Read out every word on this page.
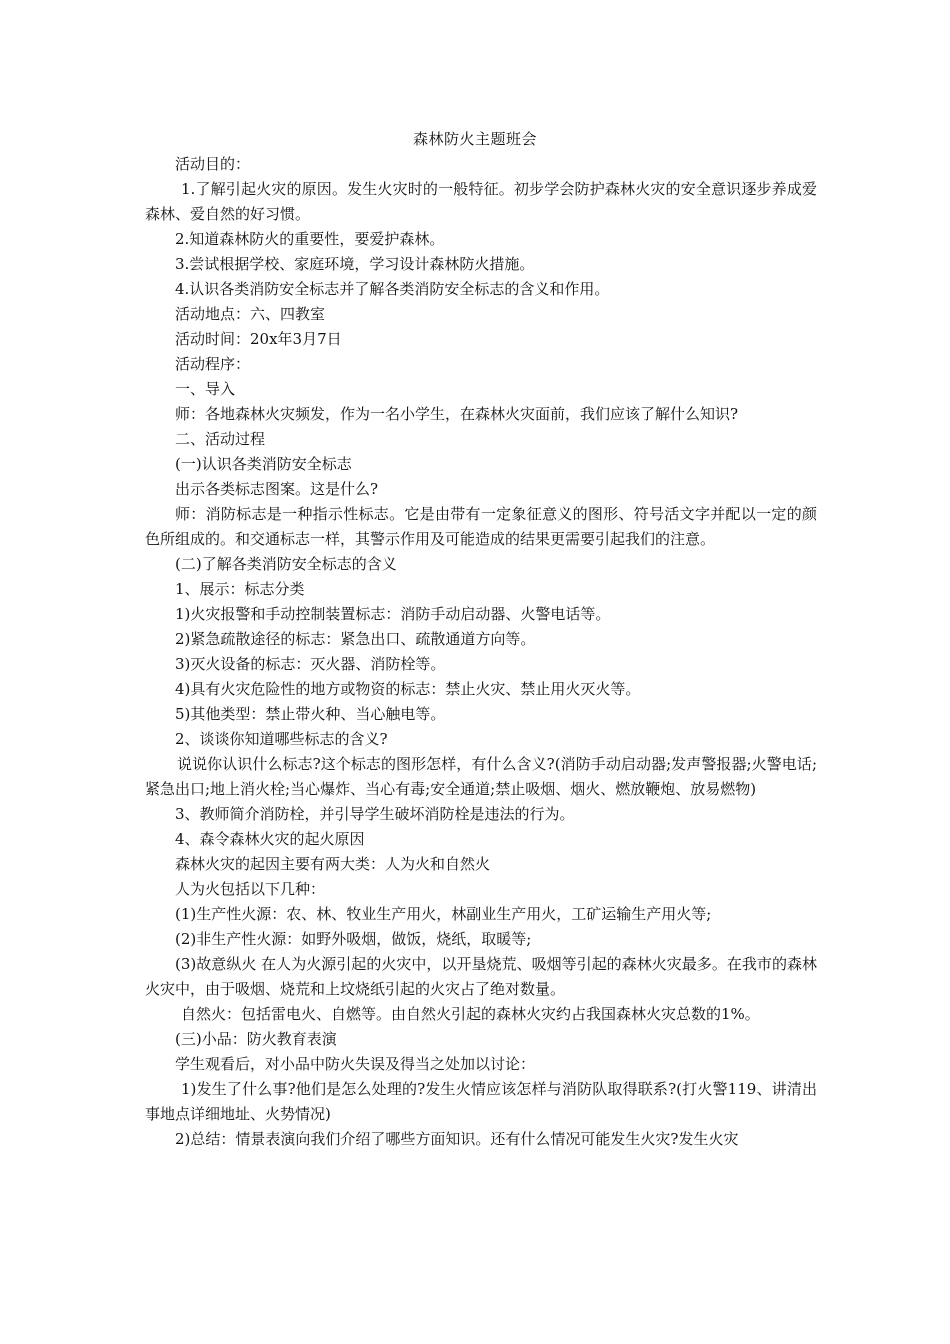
森林防火主题班会

活动目的：

1.了解引起火灾的原因。发生火灾时的一般特征。初步学会防护森林火灾的安全意识逐步养成爱森林、爱自然的好习惯。

2.知道森林防火的重要性，要爱护森林。

3.尝试根据学校、家庭环境，学习设计森林防火措施。

4.认识各类消防安全标志并了解各类消防安全标志的含义和作用。

活动地点：六、四教室

活动时间：20x年3月7日

活动程序：

一、导入

师：各地森林火灾频发，作为一名小学生，在森林火灾面前，我们应该了解什么知识?

二、活动过程

(一)认识各类消防安全标志

出示各类标志图案。这是什么?

师：消防标志是一种指示性标志。它是由带有一定象征意义的图形、符号活文字并配以一定的颜色所组成的。和交通标志一样，其警示作用及可能造成的结果更需要引起我们的注意。

(二)了解各类消防安全标志的含义

1、展示：标志分类

1)火灾报警和手动控制装置标志：消防手动启动器、火警电话等。

2)紧急疏散途径的标志：紧急出口、疏散通道方向等。

3)灭火设备的标志：灭火器、消防栓等。

4)具有火灾危险性的地方或物资的标志：禁止火灾、禁止用火灭火等。

5)其他类型：禁止带火种、当心触电等。

2、谈谈你知道哪些标志的含义?

说说你认识什么标志?这个标志的图形怎样，有什么含义?(消防手动启动器;发声警报器;火警电话;紧急出口;地上消火栓;当心爆炸、当心有毒;安全通道;禁止吸烟、烟火、燃放鞭炮、放易燃物)

3、教师简介消防栓，并引导学生破坏消防栓是违法的行为。

4、森令森林火灾的起火原因

森林火灾的起因主要有两大类：人为火和自然火

人为火包括以下几种：

(1)生产性火源：农、林、牧业生产用火，林副业生产用火，工矿运输生产用火等;

(2)非生产性火源：如野外吸烟，做饭，烧纸，取暖等;

(3)故意纵火 在人为火源引起的火灾中，以开垦烧荒、吸烟等引起的森林火灾最多。在我市的森林火灾中，由于吸烟、烧荒和上坟烧纸引起的火灾占了绝对数量。

自然火：包括雷电火、自燃等。由自然火引起的森林火灾约占我国森林火灾总数的1%。

(三)小品：防火教育表演

学生观看后，对小品中防火失误及得当之处加以讨论：

1)发生了什么事?他们是怎么处理的?发生火情应该怎样与消防队取得联系?(打火警119、讲清出事地点详细地址、火势情况)

2)总结：情景表演向我们介绍了哪些方面知识。还有什么情况可能发生火灾?发生火灾
